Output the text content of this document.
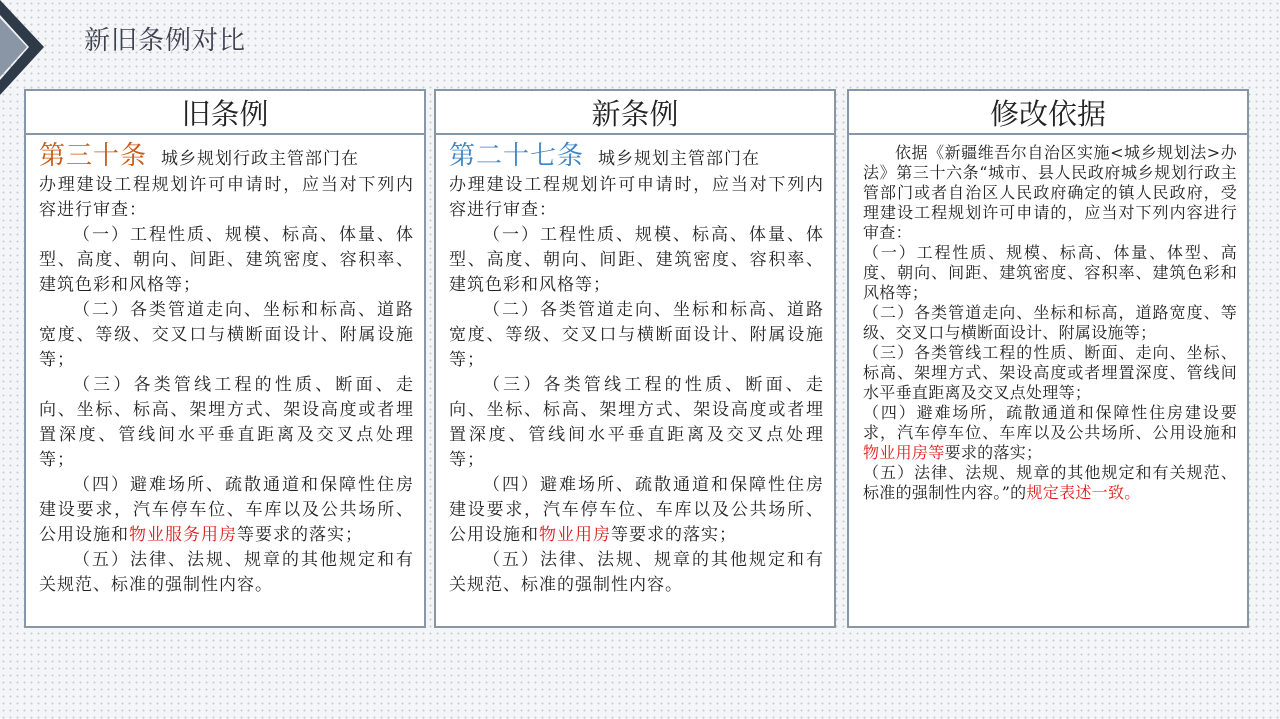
新旧条例对比
旧条例
第三十条 城乡规划行政主管部门在

办理建设工程规划许可申请时，应当对下列内容进行审查：

（一）工程性质、规模、标高、体量、体型、高度、朝向、间距、建筑密度、容积率、建筑色彩和风格等；

（二）各类管道走向、坐标和标高、道路宽度、等级、交叉口与横断面设计、附属设施等；

（三）各类管线工程的性质、断面、走向、坐标、标高、架埋方式、架设高度或者埋置深度、管线间水平垂直距离及交叉点处理等；

（四）避难场所、疏散通道和保障性住房建设要求，汽车停车位、车库以及公共场所、公用设施和物业服务用房等要求的落实；

（五）法律、法规、规章的其他规定和有关规范、标准的强制性内容。

新条例
第二十七条 城乡规划主管部门在

办理建设工程规划许可申请时，应当对下列内容进行审查：

（一）工程性质、规模、标高、体量、体型、高度、朝向、间距、建筑密度、容积率、建筑色彩和风格等；

（二）各类管道走向、坐标和标高、道路宽度、等级、交叉口与横断面设计、附属设施等；

（三）各类管线工程的性质、断面、走向、坐标、标高、架埋方式、架设高度或者埋置深度、管线间水平垂直距离及交叉点处理等；

（四）避难场所、疏散通道和保障性住房建设要求，汽车停车位、车库以及公共场所、公用设施和物业用房等要求的落实；

（五）法律、法规、规章的其他规定和有关规范、标准的强制性内容。

修改依据

依据《新疆维吾尔自治区实施<城乡规划法>办法》第三十六条“城市、县人民政府城乡规划行政主管部门或者自治区人民政府确定的镇人民政府，受理建设工程规划许可申请的，应当对下列内容进行审查：

（一）工程性质、规模、标高、体量、体型、高度、朝向、间距、建筑密度、容积率、建筑色彩和风格等；

（二）各类管道走向、坐标和标高，道路宽度、等级、交叉口与横断面设计、附属设施等；

（三）各类管线工程的性质、断面、走向、坐标、标高、架埋方式、架设高度或者埋置深度、管线间水平垂直距离及交叉点处理等；

（四）避难场所，疏散通道和保障性住房建设要求，汽车停车位、车库以及公共场所、公用设施和物业用房等要求的落实；

（五）法律、法规、规章的其他规定和有关规范、标准的强制性内容。”的规定表述一致。
